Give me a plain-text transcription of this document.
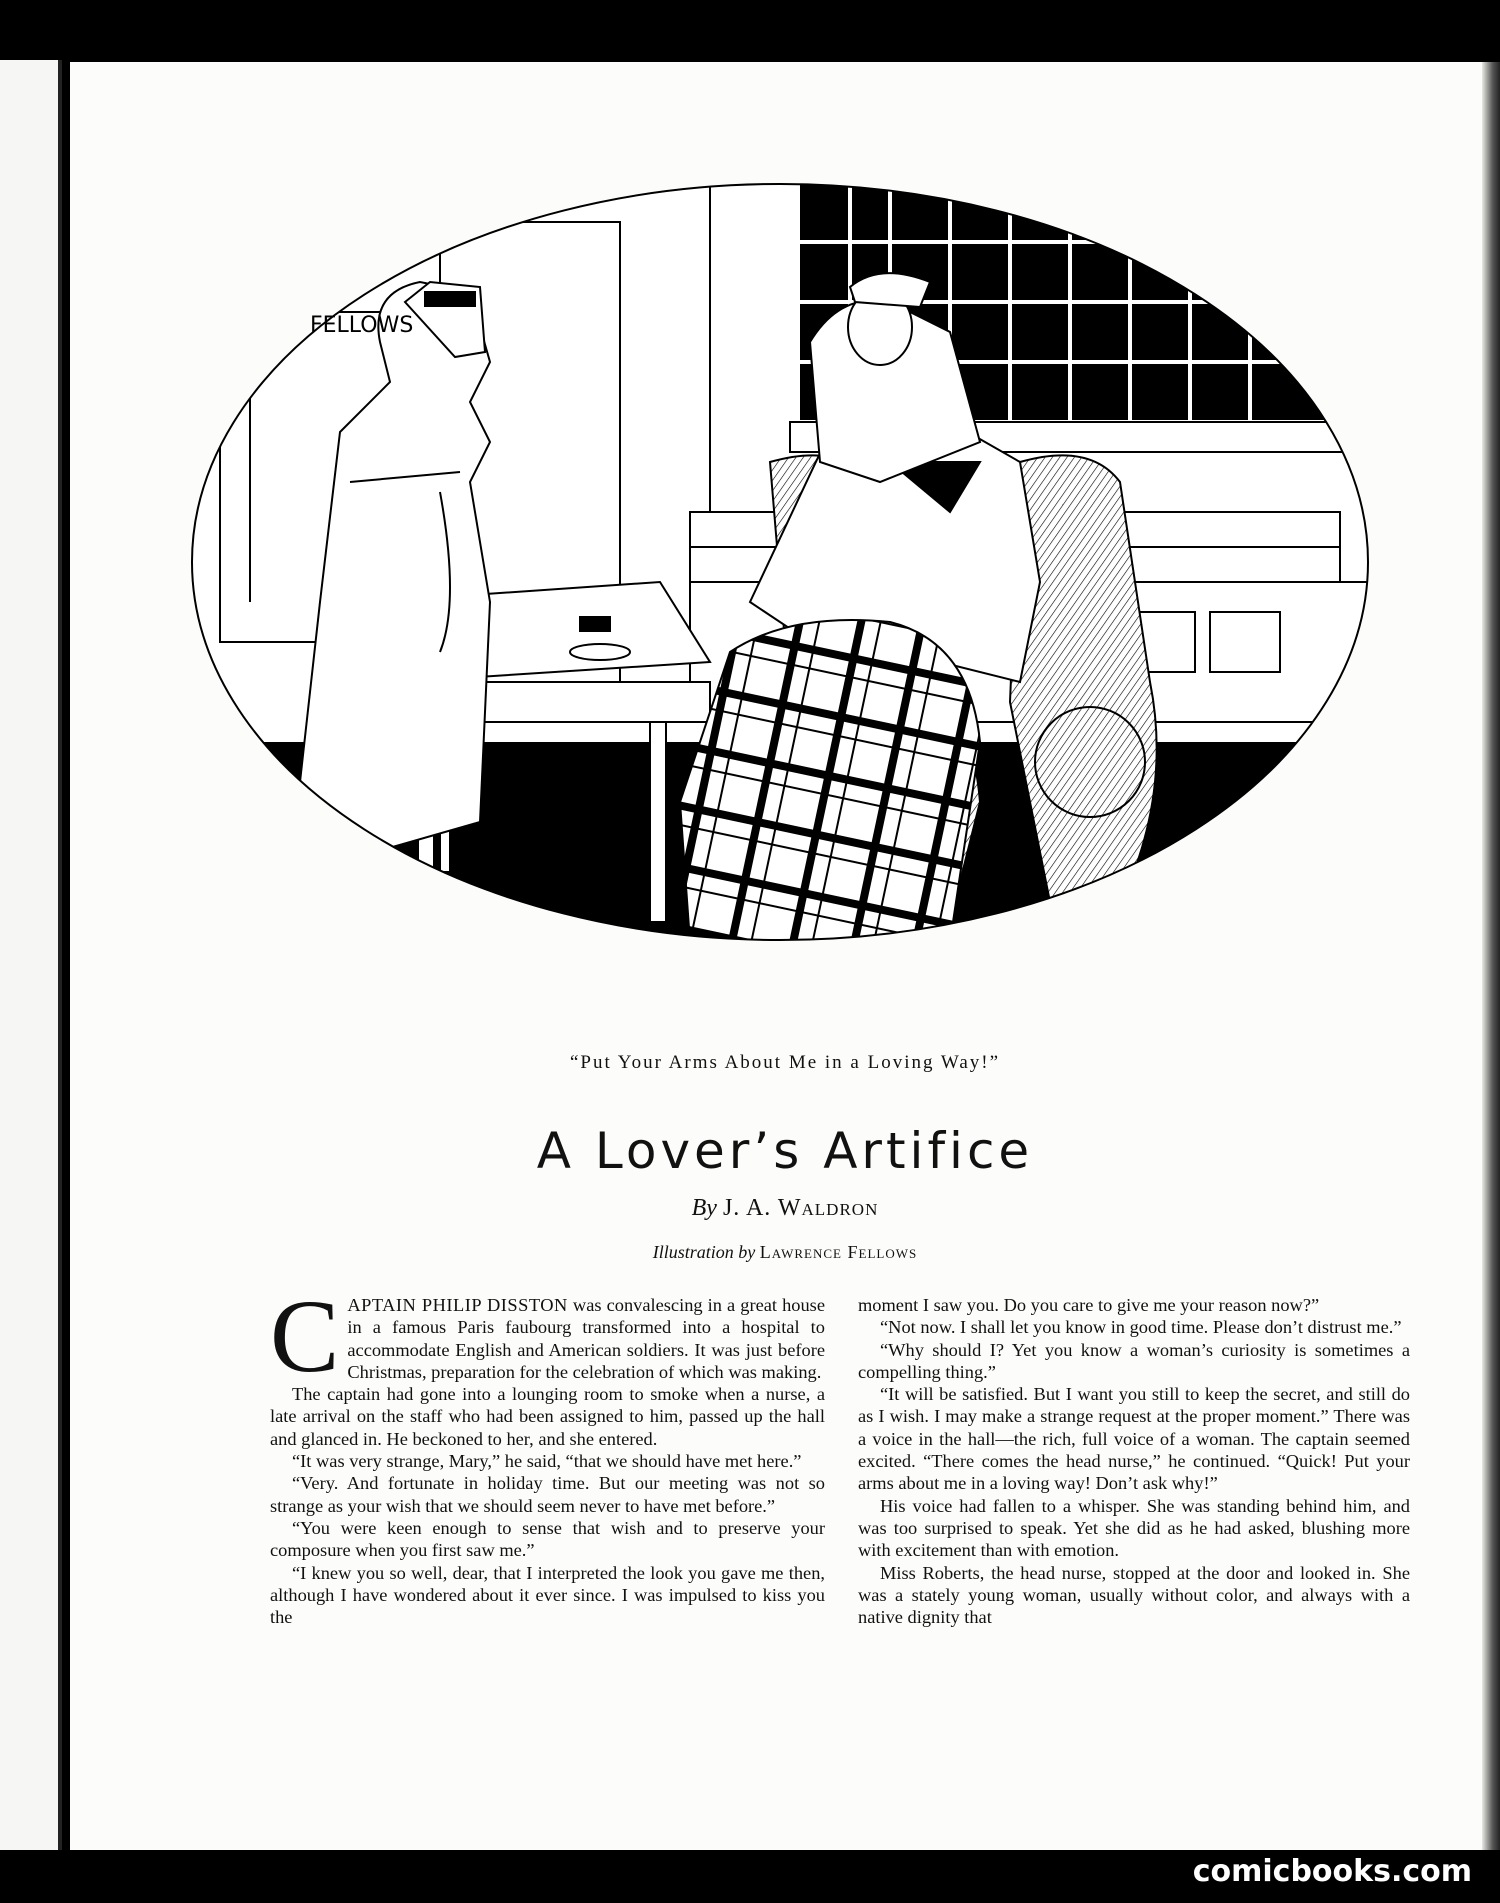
FELLOWS
“Put Your Arms About Me in a Loving Way!”
A Lover’s Artifice
By J. A. Waldron
Illustration by Lawrence Fellows

CAPTAIN PHILIP DISSTON was convalescing in a great house in a famous Paris faubourg transformed into a hospital to accommodate English and American soldiers. It was just before Christmas, preparation for the celebration of which was making.

The captain had gone into a lounging room to smoke when a nurse, a late arrival on the staff who had been assigned to him, passed up the hall and glanced in. He beckoned to her, and she entered.

“It was very strange, Mary,” he said, “that we should have met here.”

“Very. And fortunate in holiday time. But our meeting was not so strange as your wish that we should seem never to have met before.”

“You were keen enough to sense that wish and to preserve your composure when you first saw me.”

“I knew you so well, dear, that I interpreted the look you gave me then, although I have wondered about it ever since. I was impulsed to kiss you the

moment I saw you. Do you care to give me your reason now?”

“Not now. I shall let you know in good time. Please don’t distrust me.”

“Why should I? Yet you know a woman’s curiosity is sometimes a compelling thing.”

“It will be satisfied. But I want you still to keep the secret, and still do as I wish. I may make a strange request at the proper moment.” There was a voice in the hall—the rich, full voice of a woman. The captain seemed excited. “There comes the head nurse,” he continued. “Quick! Put your arms about me in a loving way! Don’t ask why!”

His voice had fallen to a whisper. She was standing behind him, and was too surprised to speak. Yet she did as he had asked, blushing more with excitement than with emotion.

Miss Roberts, the head nurse, stopped at the door and looked in. She was a stately young woman, usually without color, and always with a native dignity that

comicbooks.com
